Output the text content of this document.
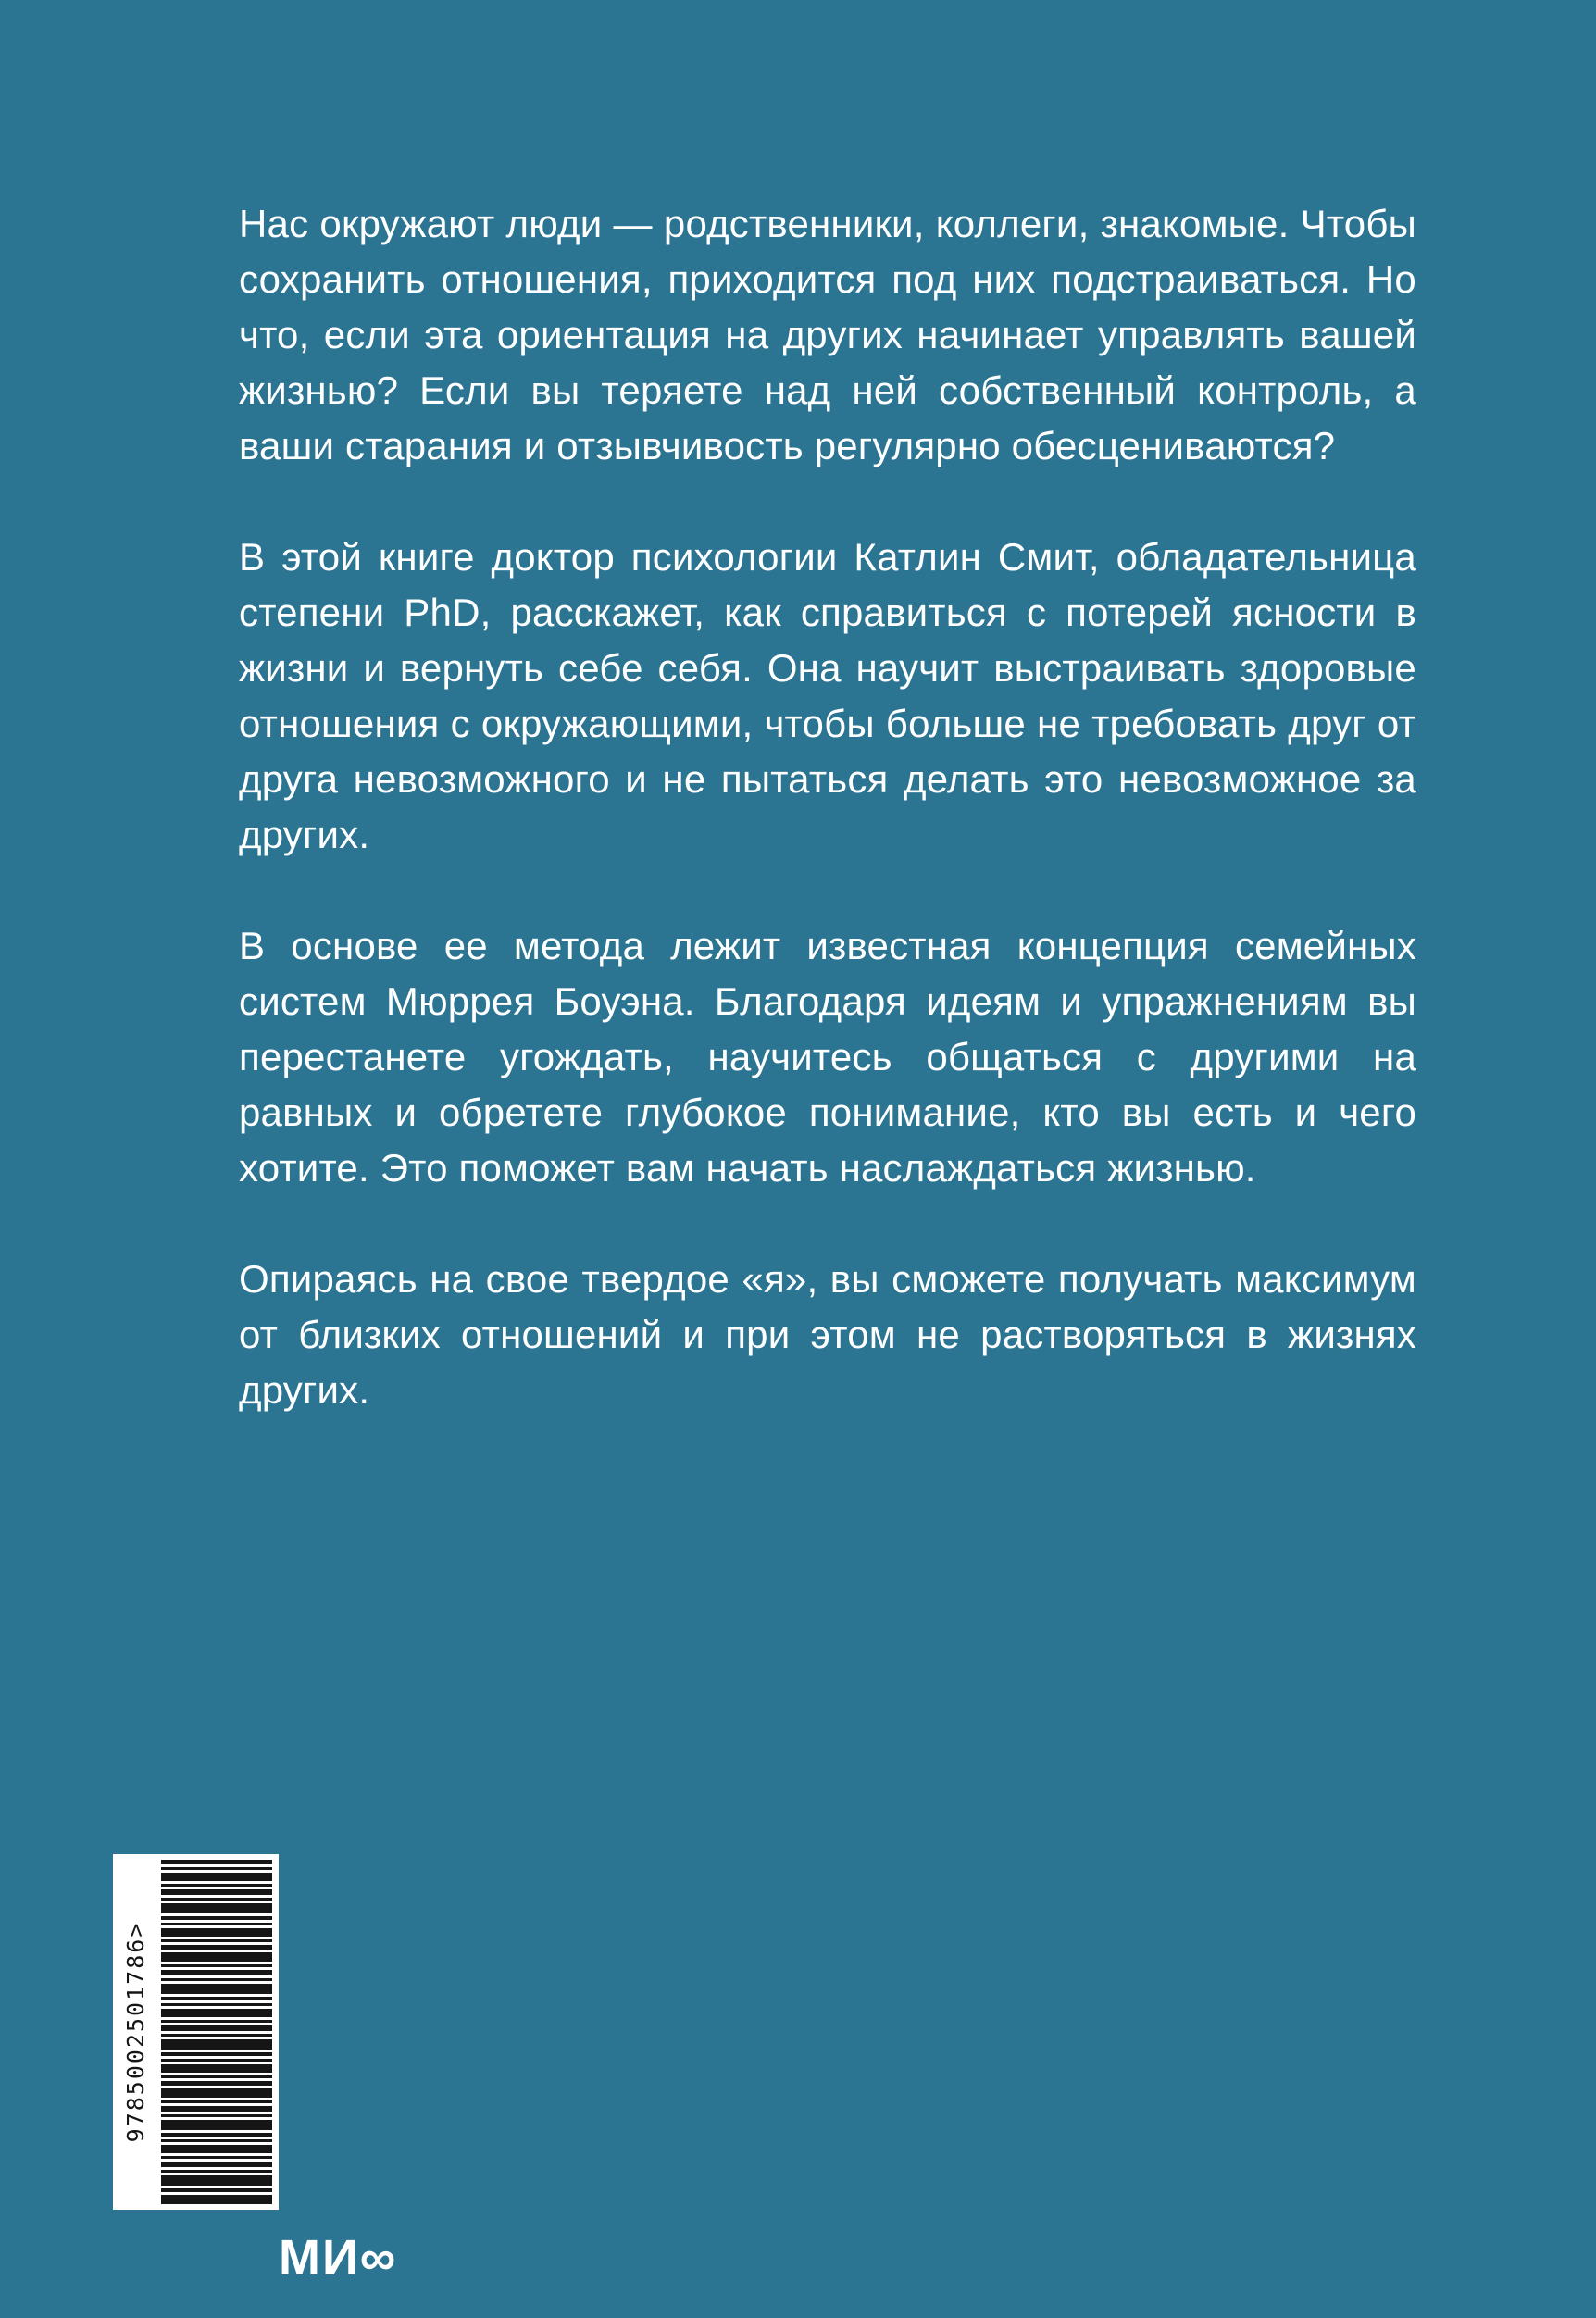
Нас окружают люди — родственники, коллеги, знакомые. Чтобы сохранить отношения, приходится под них подстраиваться. Но что, если эта ориентация на других начинает управлять вашей жизнью? Если вы теряете над ней собственный контроль, а ваши старания и отзывчивость регулярно обесцениваются?

В этой книге доктор психологии Катлин Смит, обладательница степени PhD, расскажет, как справиться с потерей ясности в жизни и вернуть себе себя. Она научит выстраивать здоровые отношения с окружающими, чтобы больше не требовать друг от друга невозможного и не пытаться делать это невозможное за других.

В основе ее метода лежит известная концепция семейных систем Мюррея Боуэна. Благодаря идеям и упражнениям вы перестанете угождать, научитесь общаться с другими на равных и обретете глубокое понимание, кто вы есть и чего хотите. Это поможет вам начать наслаждаться жизнью.

Опираясь на свое твердое «я», вы сможете получать максимум от близких отношений и при этом не растворяться в жизнях других.

9785002501786>
МИ∞
